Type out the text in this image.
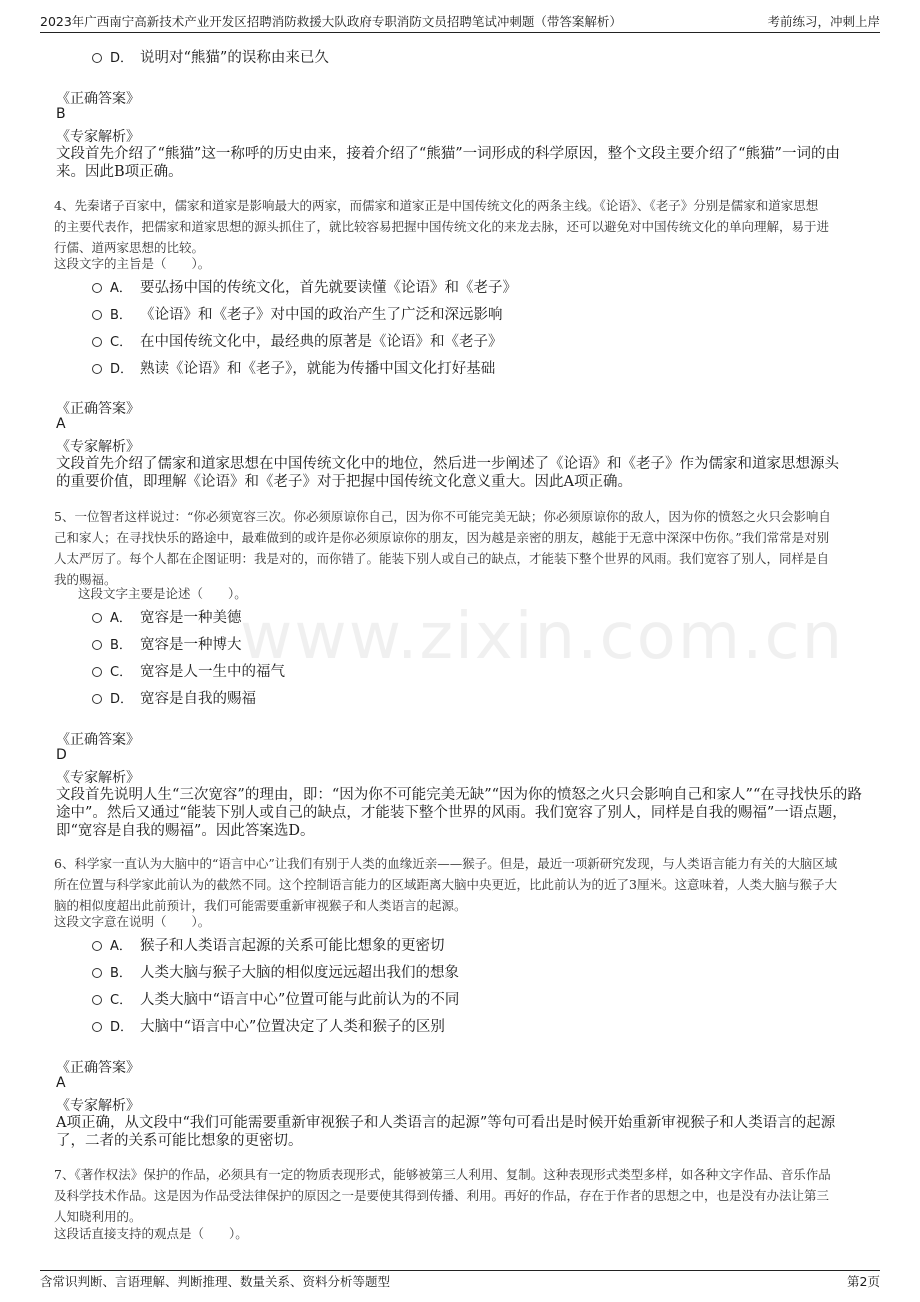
2023年广西南宁高新技术产业开发区招聘消防救援大队政府专职消防文员招聘笔试冲刺题（带答案解析）	考前练习，冲刺上岸
www.zixin.com.cn
D． 说明对“熊猫”的误称由来已久
《正确答案》
B
《专家解析》
文段首先介绍了“熊猫”这一称呼的历史由来，接着介绍了“熊猫”一词形成的科学原因，整个文段主要介绍了“熊猫”一词的由
来。因此B项正确。
4、先秦诸子百家中，儒家和道家是影响最大的两家，而儒家和道家正是中国传统文化的两条主线。《论语》、《老子》分别是儒家和道家思想
的主要代表作，把儒家和道家思想的源头抓住了，就比较容易把握中国传统文化的来龙去脉，还可以避免对中国传统文化的单向理解，易于进
行儒、道两家思想的比较。
这段文字的主旨是（　　）。
A． 要弘扬中国的传统文化，首先就要读懂《论语》和《老子》
B． 《论语》和《老子》对中国的政治产生了广泛和深远影响
C． 在中国传统文化中，最经典的原著是《论语》和《老子》
D． 熟读《论语》和《老子》，就能为传播中国文化打好基础
《正确答案》
A
《专家解析》
文段首先介绍了儒家和道家思想在中国传统文化中的地位，然后进一步阐述了《论语》和《老子》作为儒家和道家思想源头
的重要价值，即理解《论语》和《老子》对于把握中国传统文化意义重大。因此A项正确。
5、一位智者这样说过：“你必须宽容三次。你必须原谅你自己，因为你不可能完美无缺；你必须原谅你的敌人，因为你的愤怒之火只会影响自
己和家人；在寻找快乐的路途中，最难做到的或许是你必须原谅你的朋友，因为越是亲密的朋友，越能于无意中深深中伤你。”我们常常是对别
人太严厉了。每个人都在企图证明：我是对的，而你错了。能装下别人或自己的缺点，才能装下整个世界的风雨。我们宽容了别人，同样是自
我的赐福。
这段文字主要是论述（　　）。
A． 宽容是一种美德
B． 宽容是一种博大
C． 宽容是人一生中的福气
D． 宽容是自我的赐福
《正确答案》
D
《专家解析》
文段首先说明人生“三次宽容”的理由，即：“因为你不可能完美无缺”“因为你的愤怒之火只会影响自己和家人”“在寻找快乐的路
途中”。然后又通过“能装下别人或自己的缺点，才能装下整个世界的风雨。我们宽容了别人，同样是自我的赐福”一语点题，
即“宽容是自我的赐福”。因此答案选D。
6、科学家一直认为大脑中的“语言中心”让我们有别于人类的血缘近亲——猴子。但是，最近一项新研究发现，与人类语言能力有关的大脑区域
所在位置与科学家此前认为的截然不同。这个控制语言能力的区域距离大脑中央更近，比此前认为的近了3厘米。这意味着，人类大脑与猴子大
脑的相似度超出此前预计，我们可能需要重新审视猴子和人类语言的起源。
这段文字意在说明（　　）。
A． 猴子和人类语言起源的关系可能比想象的更密切
B． 人类大脑与猴子大脑的相似度远远超出我们的想象
C． 人类大脑中“语言中心”位置可能与此前认为的不同
D． 大脑中“语言中心”位置决定了人类和猴子的区别
《正确答案》
A
《专家解析》
A项正确，从文段中“我们可能需要重新审视猴子和人类语言的起源”等句可看出是时候开始重新审视猴子和人类语言的起源
了，二者的关系可能比想象的更密切。
7、《著作权法》保护的作品，必须具有一定的物质表现形式，能够被第三人利用、复制。这种表现形式类型多样，如各种文字作品、音乐作品
及科学技术作品。这是因为作品受法律保护的原因之一是要使其得到传播、利用。再好的作品，存在于作者的思想之中，也是没有办法让第三
人知晓利用的。
这段话直接支持的观点是（　　）。
含常识判断、言语理解、判断推理、数量关系、资料分析等题型	第2页
